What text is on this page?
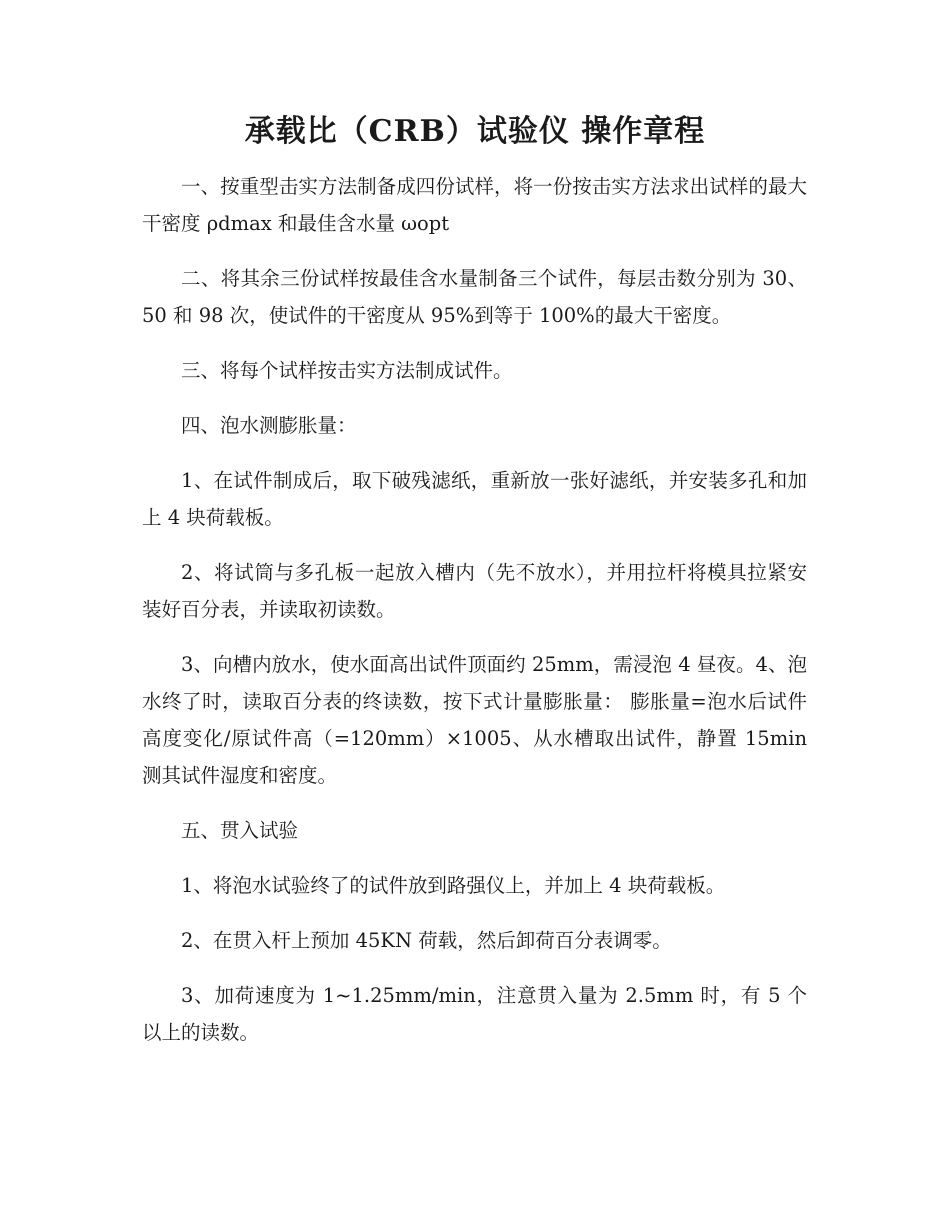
承载比（CRB）试验仪 操作章程

一、按重型击实方法制备成四份试样，将一份按击实方法求出试样的最大干密度 ρdmax 和最佳含水量 ωopt

二、将其余三份试样按最佳含水量制备三个试件，每层击数分别为 30、50 和 98 次，使试件的干密度从 95%到等于 100%的最大干密度。

三、将每个试样按击实方法制成试件。

四、泡水测膨胀量：

1、在试件制成后，取下破残滤纸，重新放一张好滤纸，并安装多孔和加上 4 块荷载板。

2、将试筒与多孔板一起放入槽内（先不放水），并用拉杆将模具拉紧安装好百分表，并读取初读数。

3、向槽内放水，使水面高出试件顶面约 25mm，需浸泡 4 昼夜。4、泡水终了时，读取百分表的终读数，按下式计量膨胀量： 膨胀量=泡水后试件高度变化/原试件高（=120mm）×1005、从水槽取出试件，静置 15min 测其试件湿度和密度。

五、贯入试验

1、将泡水试验终了的试件放到路强仪上，并加上 4 块荷载板。

2、在贯入杆上预加 45KN 荷载，然后卸荷百分表调零。

3、加荷速度为 1~1.25mm/min，注意贯入量为 2.5mm 时，有 5 个以上的读数。
